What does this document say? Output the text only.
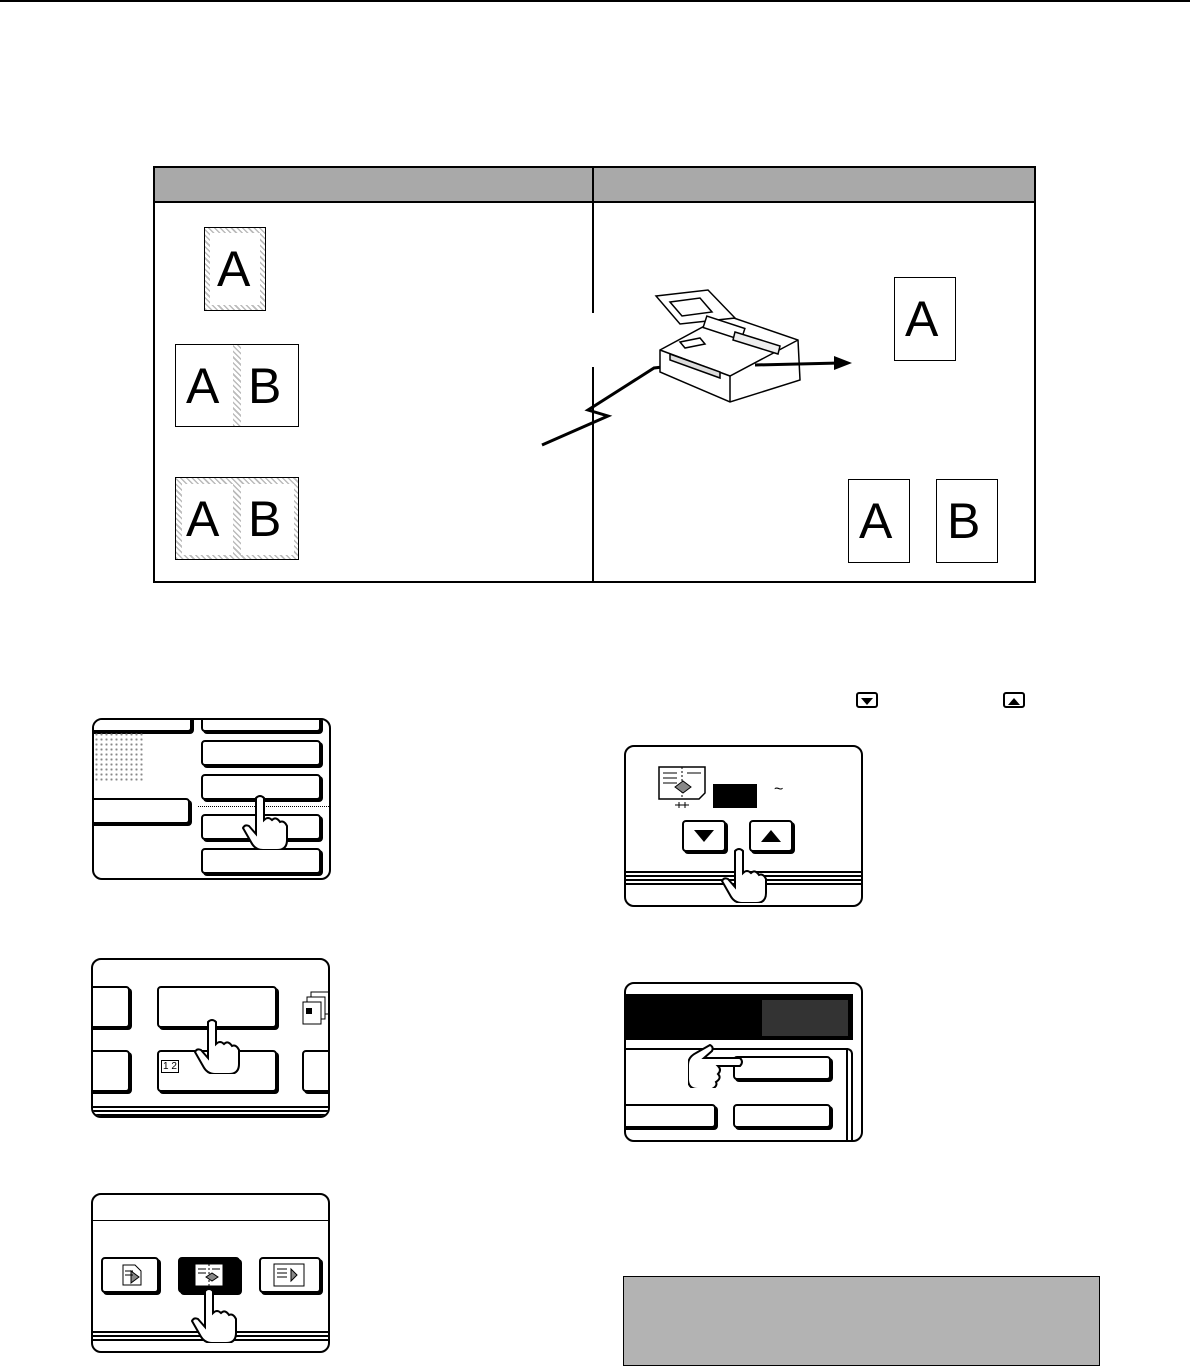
A
A B
A B
A
A B
1 2
~
